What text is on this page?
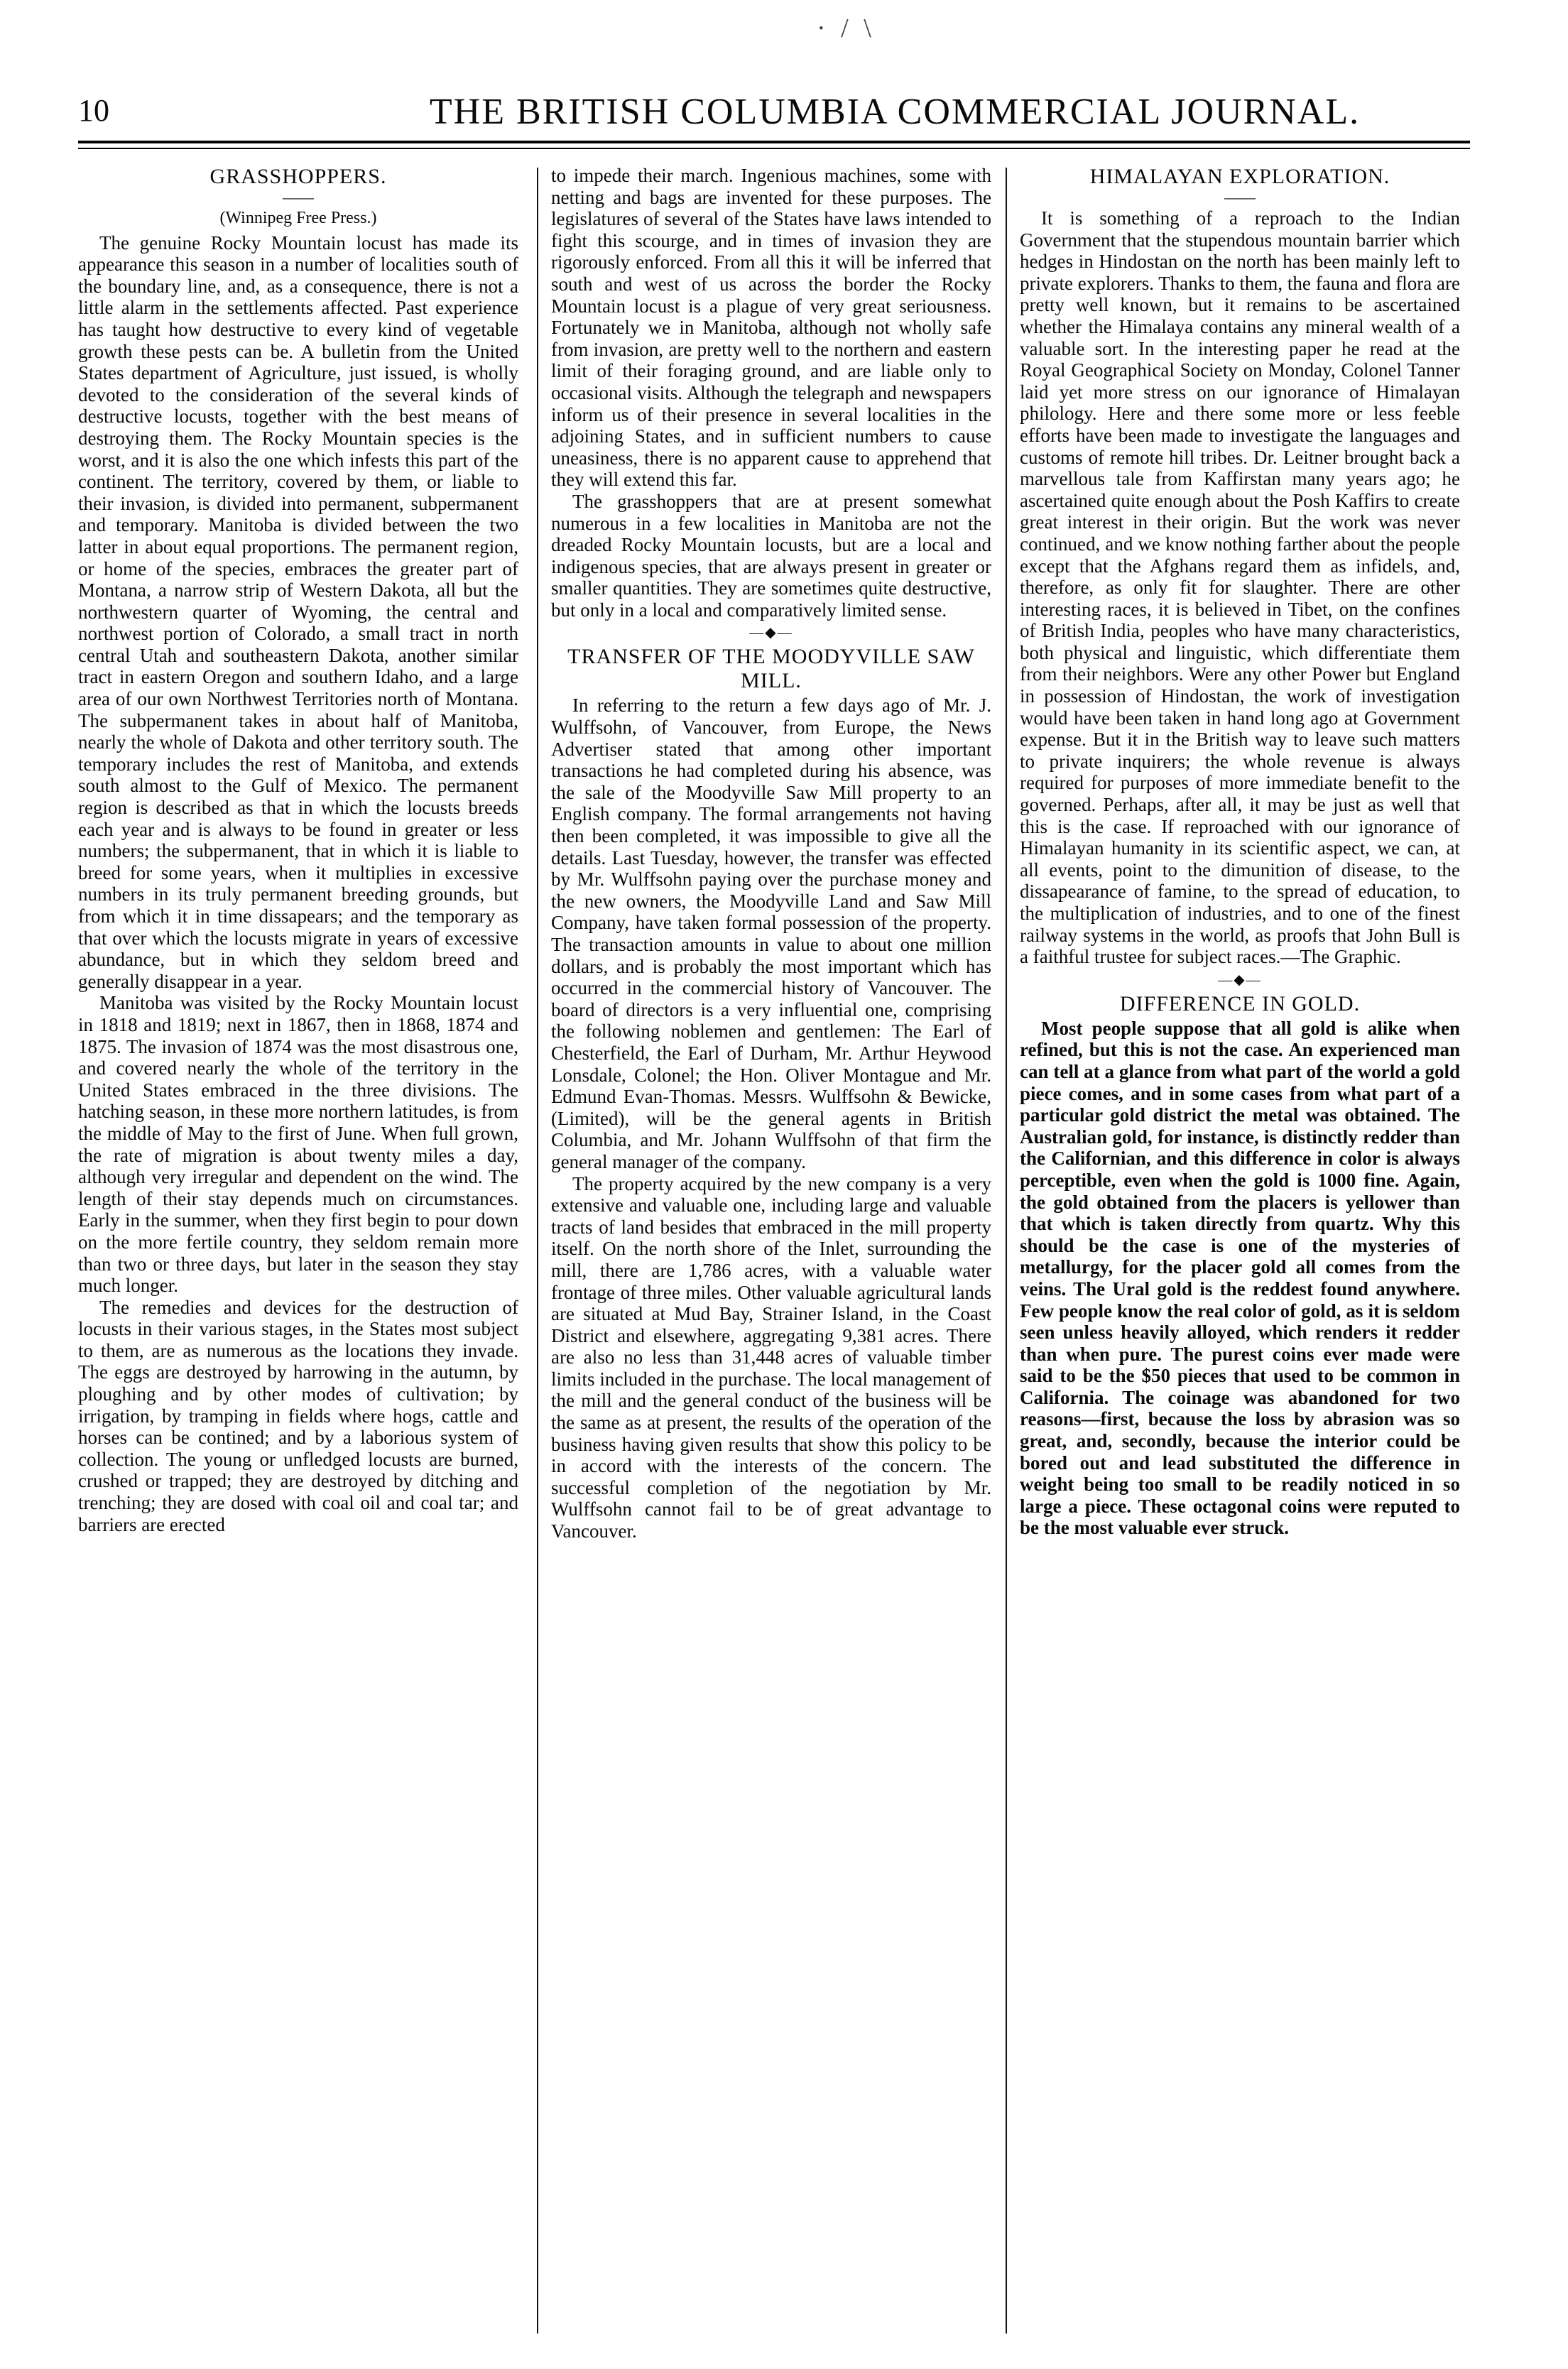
· / \
10	THE BRITISH COLUMBIA COMMERCIAL JOURNAL.
GRASSHOPPERS.
——
(Winnipeg Free Press.)

The genuine Rocky Mountain locust has made its appearance this season in a number of localities south of the boundary line, and, as a consequence, there is not a little alarm in the settlements affected. Past experience has taught how destructive to every kind of vegetable growth these pests can be. A bulletin from the United States department of Agriculture, just issued, is wholly devoted to the consideration of the several kinds of destructive locusts, together with the best means of destroying them. The Rocky Mountain species is the worst, and it is also the one which infests this part of the continent. The territory, covered by them, or liable to their invasion, is divided into permanent, subpermanent and temporary. Manitoba is divided between the two latter in about equal proportions. The permanent region, or home of the species, embraces the greater part of Montana, a narrow strip of Western Dakota, all but the northwestern quarter of Wyoming, the central and northwest portion of Colorado, a small tract in north central Utah and southeastern Dakota, another similar tract in eastern Oregon and southern Idaho, and a large area of our own Northwest Territories north of Montana. The subpermanent takes in about half of Manitoba, nearly the whole of Dakota and other territory south. The temporary includes the rest of Manitoba, and extends south almost to the Gulf of Mexico. The permanent region is described as that in which the locusts breeds each year and is always to be found in greater or less numbers; the subpermanent, that in which it is liable to breed for some years, when it multiplies in excessive numbers in its truly permanent breeding grounds, but from which it in time dissapears; and the temporary as that over which the locusts migrate in years of excessive abundance, but in which they seldom breed and generally disappear in a year.

Manitoba was visited by the Rocky Mountain locust in 1818 and 1819; next in 1867, then in 1868, 1874 and 1875. The invasion of 1874 was the most disastrous one, and covered nearly the whole of the territory in the United States embraced in the three divisions. The hatching season, in these more northern latitudes, is from the middle of May to the first of June. When full grown, the rate of migration is about twenty miles a day, although very irregular and dependent on the wind. The length of their stay depends much on circumstances. Early in the summer, when they first begin to pour down on the more fertile country, they seldom remain more than two or three days, but later in the season they stay much longer.

The remedies and devices for the destruction of locusts in their various stages, in the States most subject to them, are as numerous as the locations they invade. The eggs are destroyed by harrowing in the autumn, by ploughing and by other modes of cultivation; by irrigation, by tramping in fields where hogs, cattle and horses can be contined; and by a laborious system of collection. The young or unfledged locusts are burned, crushed or trapped; they are destroyed by ditching and trenching; they are dosed with coal oil and coal tar; and barriers are erected

to impede their march. Ingenious machines, some with netting and bags are invented for these purposes. The legislatures of several of the States have laws intended to fight this scourge, and in times of invasion they are rigorously enforced. From all this it will be inferred that south and west of us across the border the Rocky Mountain locust is a plague of very great seriousness. Fortunately we in Manitoba, although not wholly safe from invasion, are pretty well to the northern and eastern limit of their foraging ground, and are liable only to occasional visits. Although the telegraph and newspapers inform us of their presence in several localities in the adjoining States, and in sufficient numbers to cause uneasiness, there is no apparent cause to apprehend that they will extend this far.

The grasshoppers that are at present somewhat numerous in a few localities in Manitoba are not the dreaded Rocky Mountain locusts, but are a local and indigenous species, that are always present in greater or smaller quantities. They are sometimes quite destructive, but only in a local and comparatively limited sense.

—◆—
TRANSFER OF THE MOODYVILLE SAW MILL.

In referring to the return a few days ago of Mr. J. Wulffsohn, of Vancouver, from Europe, the News Advertiser stated that among other important transactions he had completed during his absence, was the sale of the Moodyville Saw Mill property to an English company. The formal arrangements not having then been completed, it was impossible to give all the details. Last Tuesday, however, the transfer was effected by Mr. Wulffsohn paying over the purchase money and the new owners, the Moodyville Land and Saw Mill Company, have taken formal possession of the property. The transaction amounts in value to about one million dollars, and is probably the most important which has occurred in the commercial history of Vancouver. The board of directors is a very influential one, comprising the following noblemen and gentlemen: The Earl of Chesterfield, the Earl of Durham, Mr. Arthur Heywood Lonsdale, Colonel; the Hon. Oliver Montague and Mr. Edmund Evan-Thomas. Messrs. Wulffsohn & Bewicke, (Limited), will be the general agents in British Columbia, and Mr. Johann Wulffsohn of that firm the general manager of the company.

The property acquired by the new company is a very extensive and valuable one, including large and valuable tracts of land besides that embraced in the mill property itself. On the north shore of the Inlet, surrounding the mill, there are 1,786 acres, with a valuable water frontage of three miles. Other valuable agricultural lands are situated at Mud Bay, Strainer Island, in the Coast District and elsewhere, aggregating 9,381 acres. There are also no less than 31,448 acres of valuable timber limits included in the purchase. The local management of the mill and the general conduct of the business will be the same as at present, the results of the operation of the business having given results that show this policy to be in accord with the interests of the concern. The successful completion of the negotiation by Mr. Wulffsohn cannot fail to be of great advantage to Vancouver.

HIMALAYAN EXPLORATION.
——

It is something of a reproach to the Indian Government that the stupendous mountain barrier which hedges in Hindostan on the north has been mainly left to private explorers. Thanks to them, the fauna and flora are pretty well known, but it remains to be ascertained whether the Himalaya contains any mineral wealth of a valuable sort. In the interesting paper he read at the Royal Geographical Society on Monday, Colonel Tanner laid yet more stress on our ignorance of Himalayan philology. Here and there some more or less feeble efforts have been made to investigate the languages and customs of remote hill tribes. Dr. Leitner brought back a marvellous tale from Kaffirstan many years ago; he ascertained quite enough about the Posh Kaffirs to create great interest in their origin. But the work was never continued, and we know nothing farther about the people except that the Afghans regard them as infidels, and, therefore, as only fit for slaughter. There are other interesting races, it is believed in Tibet, on the confines of British India, peoples who have many characteristics, both physical and linguistic, which differentiate them from their neighbors. Were any other Power but England in possession of Hindostan, the work of investigation would have been taken in hand long ago at Government expense. But it in the British way to leave such matters to private inquirers; the whole revenue is always required for purposes of more immediate benefit to the governed. Perhaps, after all, it may be just as well that this is the case. If reproached with our ignorance of Himalayan humanity in its scientific aspect, we can, at all events, point to the dimunition of disease, to the dissapearance of famine, to the spread of education, to the multiplication of industries, and to one of the finest railway systems in the world, as proofs that John Bull is a faithful trustee for subject races.—The Graphic.

—◆—
DIFFERENCE IN GOLD.

Most people suppose that all gold is alike when refined, but this is not the case. An experienced man can tell at a glance from what part of the world a gold piece comes, and in some cases from what part of a particular gold district the metal was obtained. The Australian gold, for instance, is distinctly redder than the Californian, and this difference in color is always perceptible, even when the gold is 1000 fine. Again, the gold obtained from the placers is yellower than that which is taken directly from quartz. Why this should be the case is one of the mysteries of metallurgy, for the placer gold all comes from the veins. The Ural gold is the reddest found anywhere. Few people know the real color of gold, as it is seldom seen unless heavily alloyed, which renders it redder than when pure. The purest coins ever made were said to be the $50 pieces that used to be common in California. The coinage was abandoned for two reasons—first, because the loss by abrasion was so great, and, secondly, because the interior could be bored out and lead substituted the difference in weight being too small to be readily noticed in so large a piece. These octagonal coins were reputed to be the most valuable ever struck.
